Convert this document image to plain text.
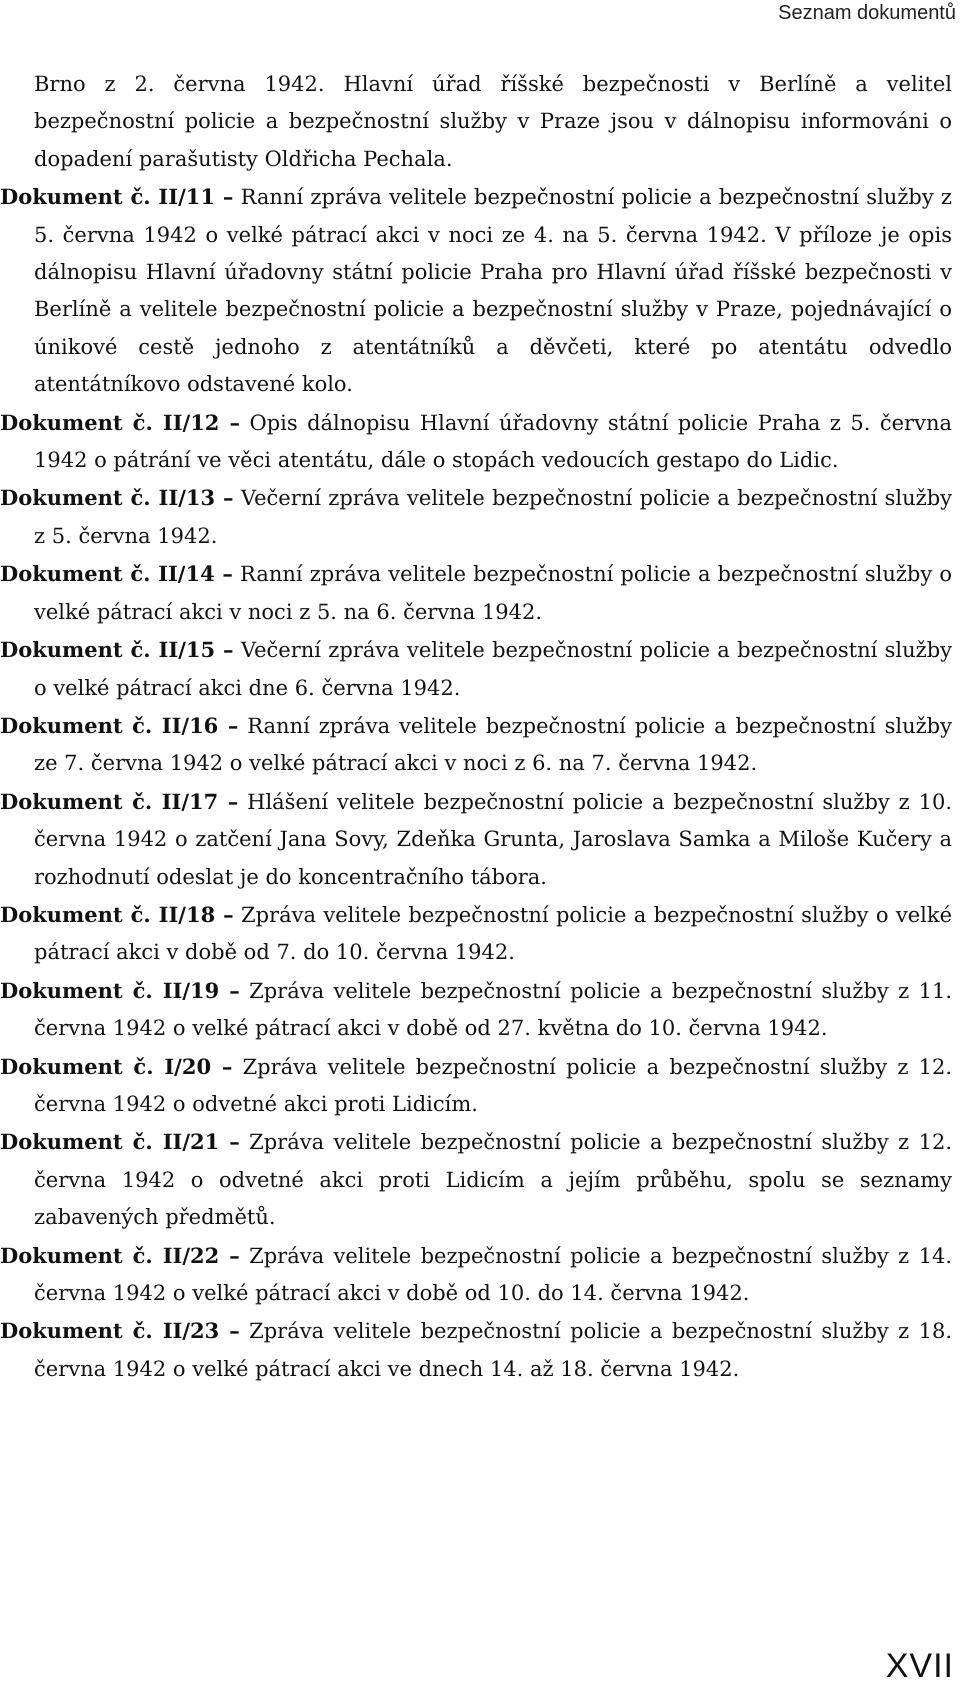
Seznam dokumentů

Brno z 2. června 1942. Hlavní úřad říšské bezpečnosti v Berlíně a velitel bezpečnostní policie a bezpečnostní služby v Praze jsou v dálnopisu informováni o dopadení parašutisty Oldřicha Pechala.

Dokument č. II/11 – Ranní zpráva velitele bezpečnostní policie a bezpečnostní služby z 5. června 1942 o velké pátrací akci v noci ze 4. na 5. června 1942. V příloze je opis dálnopisu Hlavní úřadovny státní policie Praha pro Hlavní úřad říšské bezpečnosti v Berlíně a velitele bezpečnostní policie a bezpečnostní služby v Praze, pojednávající o únikové cestě jednoho z atentátníků a děvčeti, které po atentátu odvedlo atentátníkovo odstavené kolo.

Dokument č. II/12 – Opis dálnopisu Hlavní úřadovny státní policie Praha z 5. června 1942 o pátrání ve věci atentátu, dále o stopách vedoucích gestapo do Lidic.

Dokument č. II/13 – Večerní zpráva velitele bezpečnostní policie a bezpečnostní služby z 5. června 1942.

Dokument č. II/14 – Ranní zpráva velitele bezpečnostní policie a bezpečnostní služby o velké pátrací akci v noci z 5. na 6. června 1942.

Dokument č. II/15 – Večerní zpráva velitele bezpečnostní policie a bezpečnostní služby o velké pátrací akci dne 6. června 1942.

Dokument č. II/16 – Ranní zpráva velitele bezpečnostní policie a bezpečnostní služby ze 7. června 1942 o velké pátrací akci v noci z 6. na 7. června 1942.

Dokument č. II/17 – Hlášení velitele bezpečnostní policie a bezpečnostní služby z 10. června 1942 o zatčení Jana Sovy, Zdeňka Grunta, Jaroslava Samka a Miloše Kučery a rozhodnutí odeslat je do koncentračního tábora.

Dokument č. II/18 – Zpráva velitele bezpečnostní policie a bezpečnostní služby o velké pátrací akci v době od 7. do 10. června 1942.

Dokument č. II/19 – Zpráva velitele bezpečnostní policie a bezpečnostní služby z 11. června 1942 o velké pátrací akci v době od 27. května do 10. června 1942.

Dokument č. I/20 – Zpráva velitele bezpečnostní policie a bezpečnostní služby z 12. června 1942 o odvetné akci proti Lidicím.

Dokument č. II/21 – Zpráva velitele bezpečnostní policie a bezpečnostní služby z 12. června 1942 o odvetné akci proti Lidicím a jejím průběhu, spolu se seznamy zabavených předmětů.

Dokument č. II/22 – Zpráva velitele bezpečnostní policie a bezpečnostní služby z 14. června 1942 o velké pátrací akci v době od 10. do 14. června 1942.

Dokument č. II/23 – Zpráva velitele bezpečnostní policie a bezpečnostní služby z 18. června 1942 o velké pátrací akci ve dnech 14. až 18. června 1942.

XVII
